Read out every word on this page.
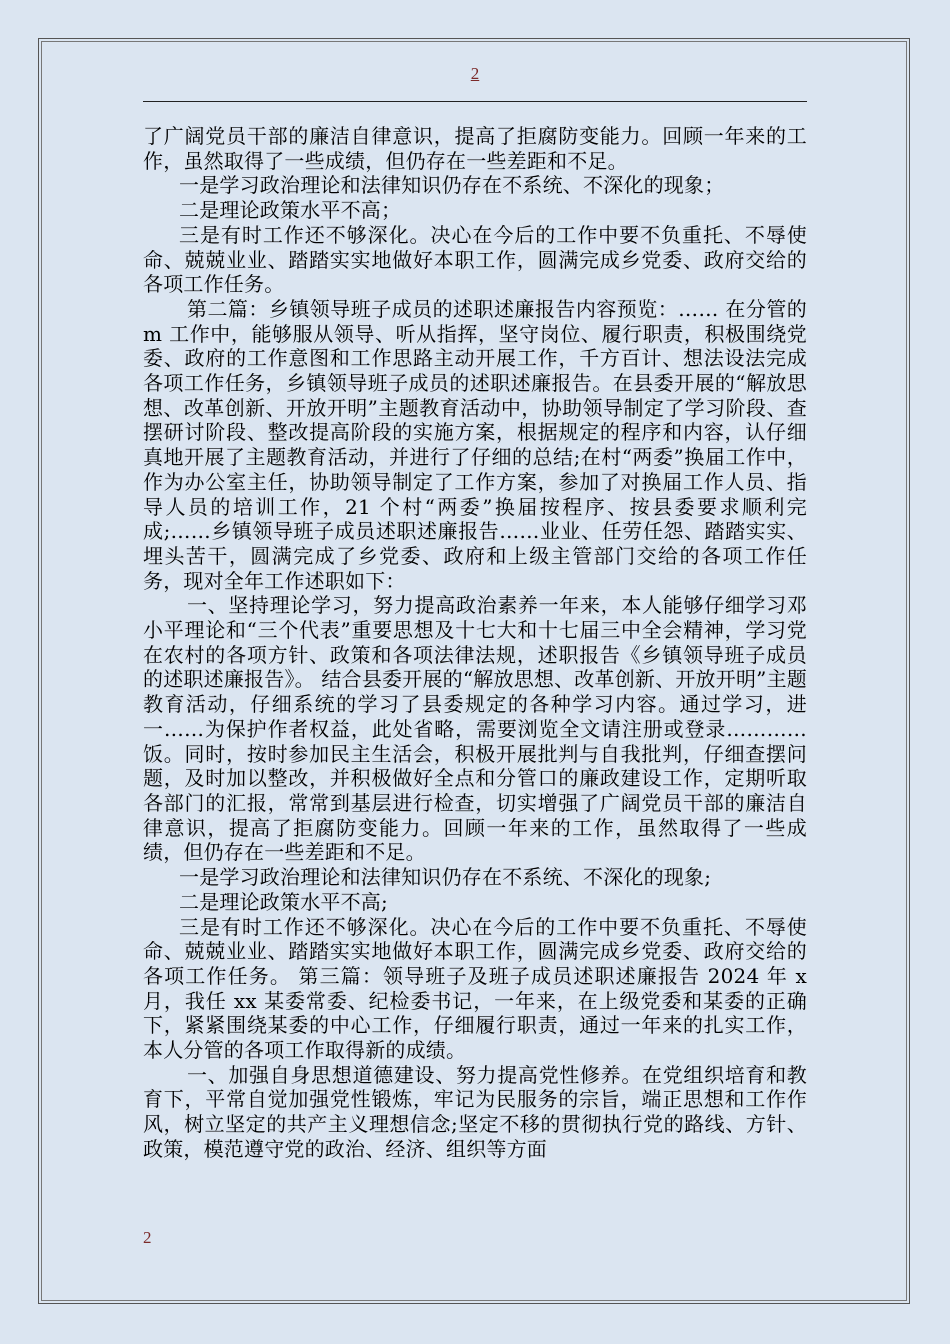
2

了广阔党员干部的廉洁自律意识，提高了拒腐防变能力。回顾一年来的工作，虽然取得了一些成绩，但仍存在一些差距和不足。

一是学习政治理论和法律知识仍存在不系统、不深化的现象；

二是理论政策水平不高；

三是有时工作还不够深化。决心在今后的工作中要不负重托、不辱使命、兢兢业业、踏踏实实地做好本职工作，圆满完成乡党委、政府交给的各项工作任务。

第二篇：乡镇领导班子成员的述职述廉报告内容预览：…… 在分管的 m 工作中，能够服从领导、听从指挥，坚守岗位、履行职责，积极围绕党委、政府的工作意图和工作思路主动开展工作，千方百计、想法设法完成各项工作任务，乡镇领导班子成员的述职述廉报告。在县委开展的“解放思想、改革创新、开放开明”主题教育活动中，协助领导制定了学习阶段、查摆研讨阶段、整改提高阶段的实施方案，根据规定的程序和内容，认仔细真地开展了主题教育活动，并进行了仔细的总结;在村“两委”换届工作中，作为办公室主任，协助领导制定了工作方案，参加了对换届工作人员、指导人员的培训工作，21 个村“两委”换届按程序、按县委要求顺利完成;……乡镇领导班子成员述职述廉报告……业业、任劳任怨、踏踏实实、埋头苦干，圆满完成了乡党委、政府和上级主管部门交给的各项工作任务，现对全年工作述职如下：

一、坚持理论学习，努力提高政治素养一年来，本人能够仔细学习邓小平理论和“三个代表”重要思想及十七大和十七届三中全会精神，学习党在农村的各项方针、政策和各项法律法规，述职报告《乡镇领导班子成员的述职述廉报告》。 结合县委开展的“解放思想、改革创新、开放开明”主题教育活动，仔细系统的学习了县委规定的各种学习内容。通过学习，进一……为保护作者权益，此处省略，需要浏览全文请注册或登录…………饭。同时，按时参加民主生活会，积极开展批判与自我批判，仔细查摆问题，及时加以整改，并积极做好全点和分管口的廉政建设工作，定期听取各部门的汇报，常常到基层进行检查，切实增强了广阔党员干部的廉洁自律意识，提高了拒腐防变能力。回顾一年来的工作，虽然取得了一些成绩，但仍存在一些差距和不足。

一是学习政治理论和法律知识仍存在不系统、不深化的现象;

二是理论政策水平不高;

三是有时工作还不够深化。决心在今后的工作中要不负重托、不辱使命、兢兢业业、踏踏实实地做好本职工作，圆满完成乡党委、政府交给的各项工作任务。 第三篇：领导班子及班子成员述职述廉报告 2024 年 x 月，我任 xx 某委常委、纪检委书记，一年来，在上级党委和某委的正确下，紧紧围绕某委的中心工作，仔细履行职责，通过一年来的扎实工作，本人分管的各项工作取得新的成绩。

一、加强自身思想道德建设、努力提高党性修养。在党组织培育和教育下，平常自觉加强党性锻炼，牢记为民服务的宗旨，端正思想和工作作风，树立坚定的共产主义理想信念;坚定不移的贯彻执行党的路线、方针、政策，模范遵守党的政治、经济、组织等方面

2
